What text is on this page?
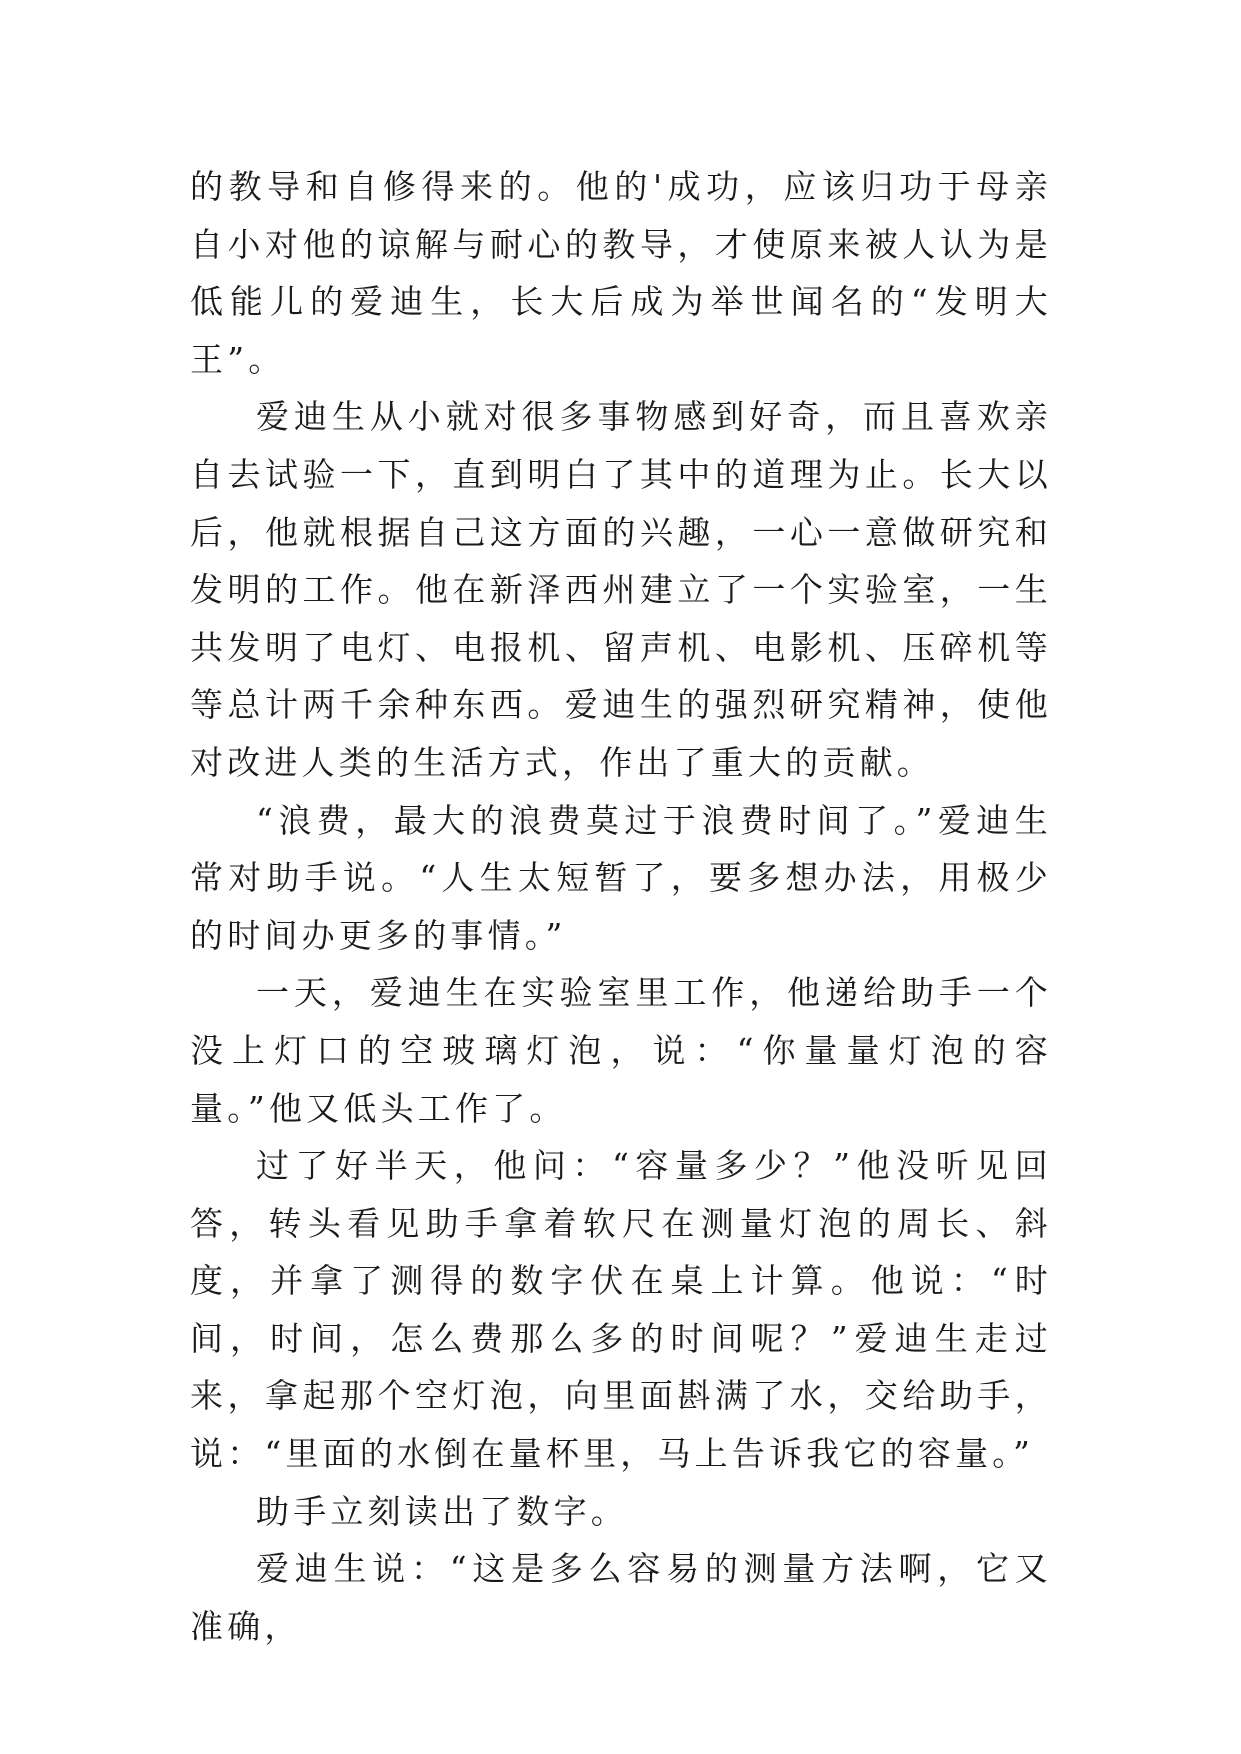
的教导和自修得来的。他的'成功，应该归功于母亲自小对他的谅解与耐心的教导，才使原来被人认为是低能儿的爱迪生，长大后成为举世闻名的“发明大王”。

爱迪生从小就对很多事物感到好奇，而且喜欢亲自去试验一下，直到明白了其中的道理为止。长大以后，他就根据自己这方面的兴趣，一心一意做研究和发明的工作。他在新泽西州建立了一个实验室，一生共发明了电灯、电报机、留声机、电影机、压碎机等等总计两千余种东西。爱迪生的强烈研究精神，使他对改进人类的生活方式，作出了重大的贡献。

“浪费，最大的浪费莫过于浪费时间了。”爱迪生常对助手说。“人生太短暂了，要多想办法，用极少的时间办更多的事情。”

一天，爱迪生在实验室里工作，他递给助手一个没上灯口的空玻璃灯泡，说：“你量量灯泡的容量。”他又低头工作了。

过了好半天，他问：“容量多少？”他没听见回答，转头看见助手拿着软尺在测量灯泡的周长、斜度，并拿了测得的数字伏在桌上计算。他说：“时间，时间，怎么费那么多的时间呢？”爱迪生走过来，拿起那个空灯泡，向里面斟满了水，交给助手，说：“里面的水倒在量杯里，马上告诉我它的容量。”

助手立刻读出了数字。

爱迪生说：“这是多么容易的测量方法啊，它又准确，
